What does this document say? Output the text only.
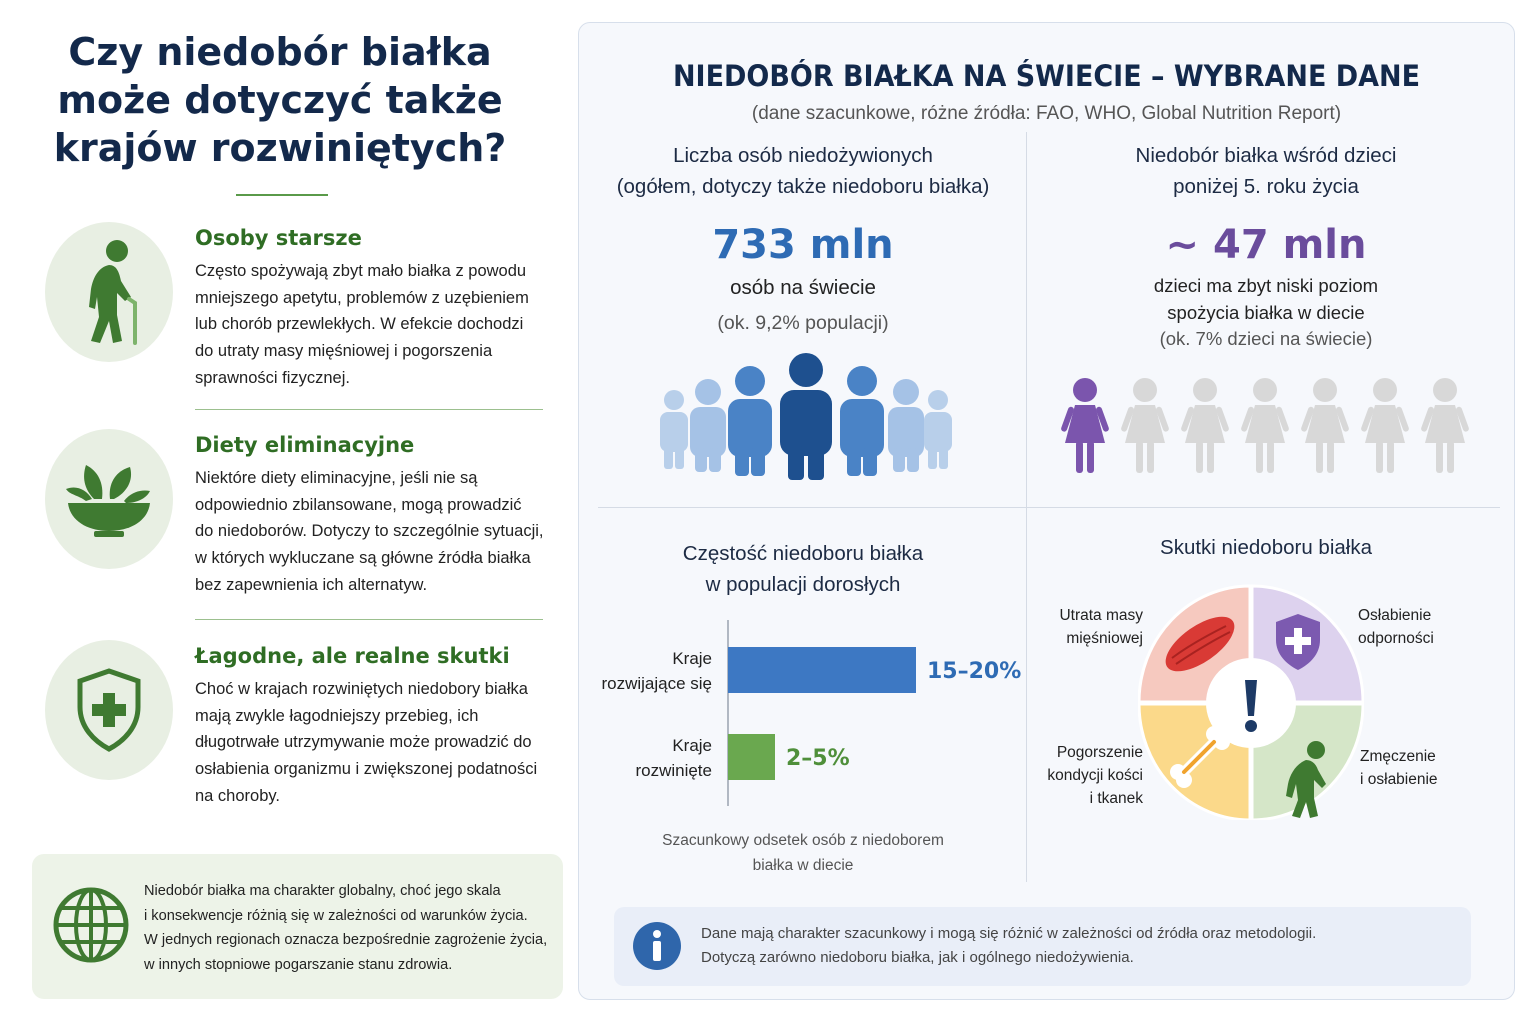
Czy niedobór białka
może dotyczyć także
krajów rozwiniętych?
Osoby starsze
Często spożywają zbyt mało białka z powodu
mniejszego apetytu, problemów z uzębieniem
lub chorób przewlekłych. W efekcie dochodzi
do utraty masy mięśniowej i pogorszenia
sprawności fizycznej.
Diety eliminacyjne
Niektóre diety eliminacyjne, jeśli nie są
odpowiednio zbilansowane, mogą prowadzić
do niedoborów. Dotyczy to szczególnie sytuacji,
w których wykluczane są główne źródła białka
bez zapewnienia ich alternatyw.
Łagodne, ale realne skutki
Choć w krajach rozwiniętych niedobory białka
mają zwykle łagodniejszy przebieg, ich
długotrwałe utrzymywanie może prowadzić do
osłabienia organizmu i zwiększonej podatności
na choroby.
Niedobór białka ma charakter globalny, choć jego skala
i konsekwencje różnią się w zależności od warunków życia.
W jednych regionach oznacza bezpośrednie zagrożenie życia,
w innych stopniowe pogarszanie stanu zdrowia.
NIEDOBÓR BIAŁKA NA ŚWIECIE – WYBRANE DANE
(dane szacunkowe, różne źródła: FAO, WHO, Global Nutrition Report)
Liczba osób niedożywionych
(ogółem, dotyczy także niedoboru białka)
733 mln
osób na świecie
(ok. 9,2% populacji)
Niedobór białka wśród dzieci
poniżej 5. roku życia
~ 47 mln
dzieci ma zbyt niski poziom
spożycia białka w diecie
(ok. 7% dzieci na świecie)
Częstość niedoboru białka
w populacji dorosłych
Kraje
rozwijające się	15–20%
Kraje
rozwinięte	2–5%
Szacunkowy odsetek osób z niedoborem
białka w diecie
Skutki niedoboru białka
Utrata masy
mięśniowej
Osłabienie
odporności
Zmęczenie
i osłabienie
Pogorszenie
kondycji kości
i tkanek
Dane mają charakter szacunkowy i mogą się różnić w zależności od źródła oraz metodologii.
Dotyczą zarówno niedoboru białka, jak i ogólnego niedożywienia.
